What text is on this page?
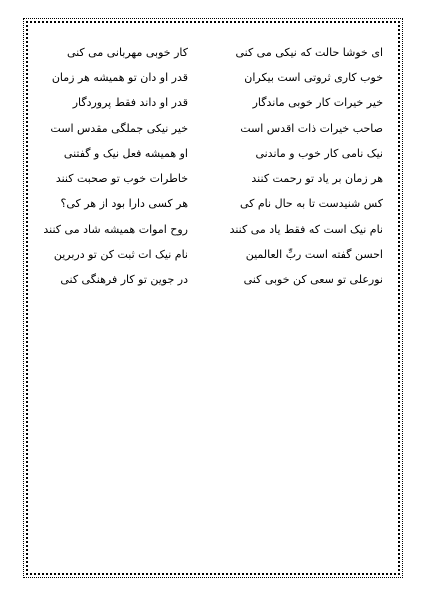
ای خوشا حالت که نیکی می کنی
کار خوبی مهربانی می کنی
خوب کاری ثروتی است بیکران
قدر او دان تو همیشه هر زمان
خیر خیرات کار خوبی ماندگار
قدر او داند فقط پروردگار
صاحب خیرات ذات اقدس است
خیر نیکی جملگی مقدس است
نیک نامی کار خوب و ماندنی
او همیشه فعل نیک و گفتنی
هر زمان بر یاد تو رحمت کنند
خاطرات خوب تو صحبت کنند
کس شنیدست تا به حال نام کی
هر کسی دارا بود از هر کی؟
نام نیک است که فقط یاد می کنند
روح اموات همیشه شاد می کنند
احسن گفته است ربِّ العالمین
نام نیک ات ثبت کن تو دربرین
نورعلی تو سعی کن خوبی کنی
در جوین تو کار فرهنگی کنی
